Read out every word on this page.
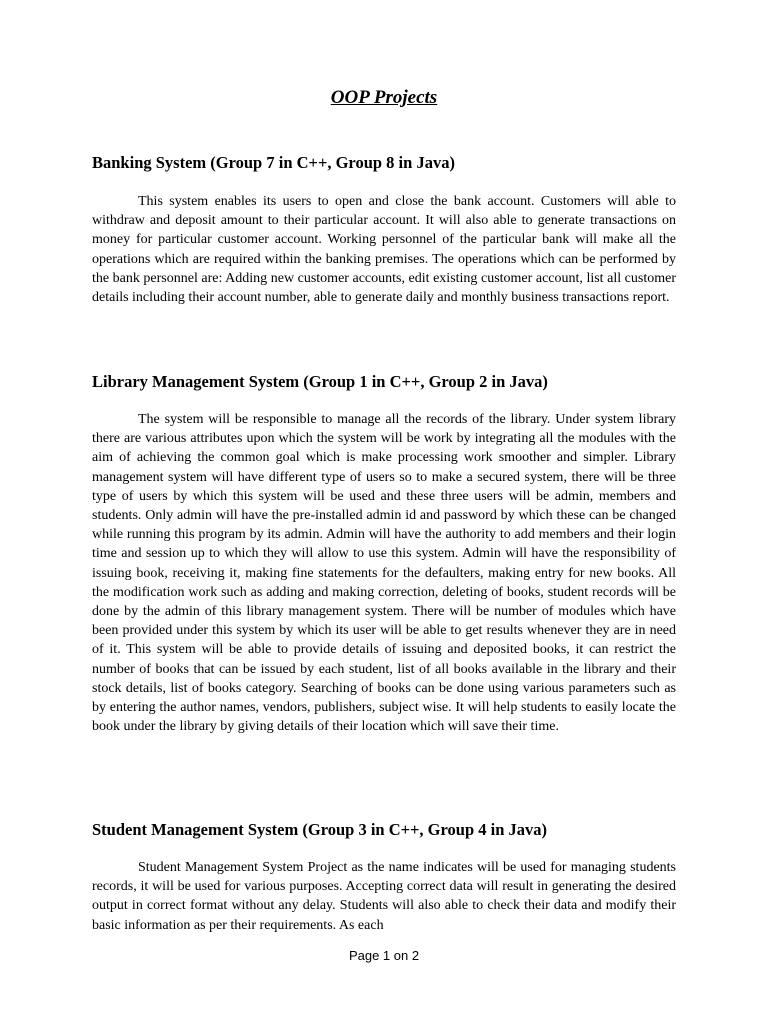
OOP Projects
Banking System (Group 7 in C++, Group 8 in Java)

This system enables its users to open and close the bank account. Customers will able to withdraw and deposit amount to their particular account. It will also able to generate transactions on money for particular customer account. Working personnel of the particular bank will make all the operations which are required within the banking premises. The operations which can be performed by the bank personnel are: Adding new customer accounts, edit existing customer account, list all customer details including their account number, able to generate daily and monthly business transactions report.

Library Management System (Group 1 in C++, Group 2 in Java)

The system will be responsible to manage all the records of the library. Under system library there are various attributes upon which the system will be work by integrating all the modules with the aim of achieving the common goal which is make processing work smoother and simpler. Library management system will have different type of users so to make a secured system, there will be three type of users by which this system will be used and these three users will be admin, members and students. Only admin will have the pre-installed admin id and password by which these can be changed while running this program by its admin. Admin will have the authority to add members and their login time and session up to which they will allow to use this system. Admin will have the responsibility of issuing book, receiving it, making fine statements for the defaulters, making entry for new books. All the modification work such as adding and making correction, deleting of books, student records will be done by the admin of this library management system. There will be number of modules which have been provided under this system by which its user will be able to get results whenever they are in need of it. This system will be able to provide details of issuing and deposited books, it can restrict the number of books that can be issued by each student, list of all books available in the library and their stock details, list of books category. Searching of books can be done using various parameters such as by entering the author names, vendors, publishers, subject wise. It will help students to easily locate the book under the library by giving details of their location which will save their time.

Student Management System (Group 3 in C++, Group 4 in Java)

Student Management System Project as the name indicates will be used for managing students records, it will be used for various purposes. Accepting correct data will result in generating the desired output in correct format without any delay. Students will also able to check their data and modify their basic information as per their requirements. As each

Page 1 on 2
